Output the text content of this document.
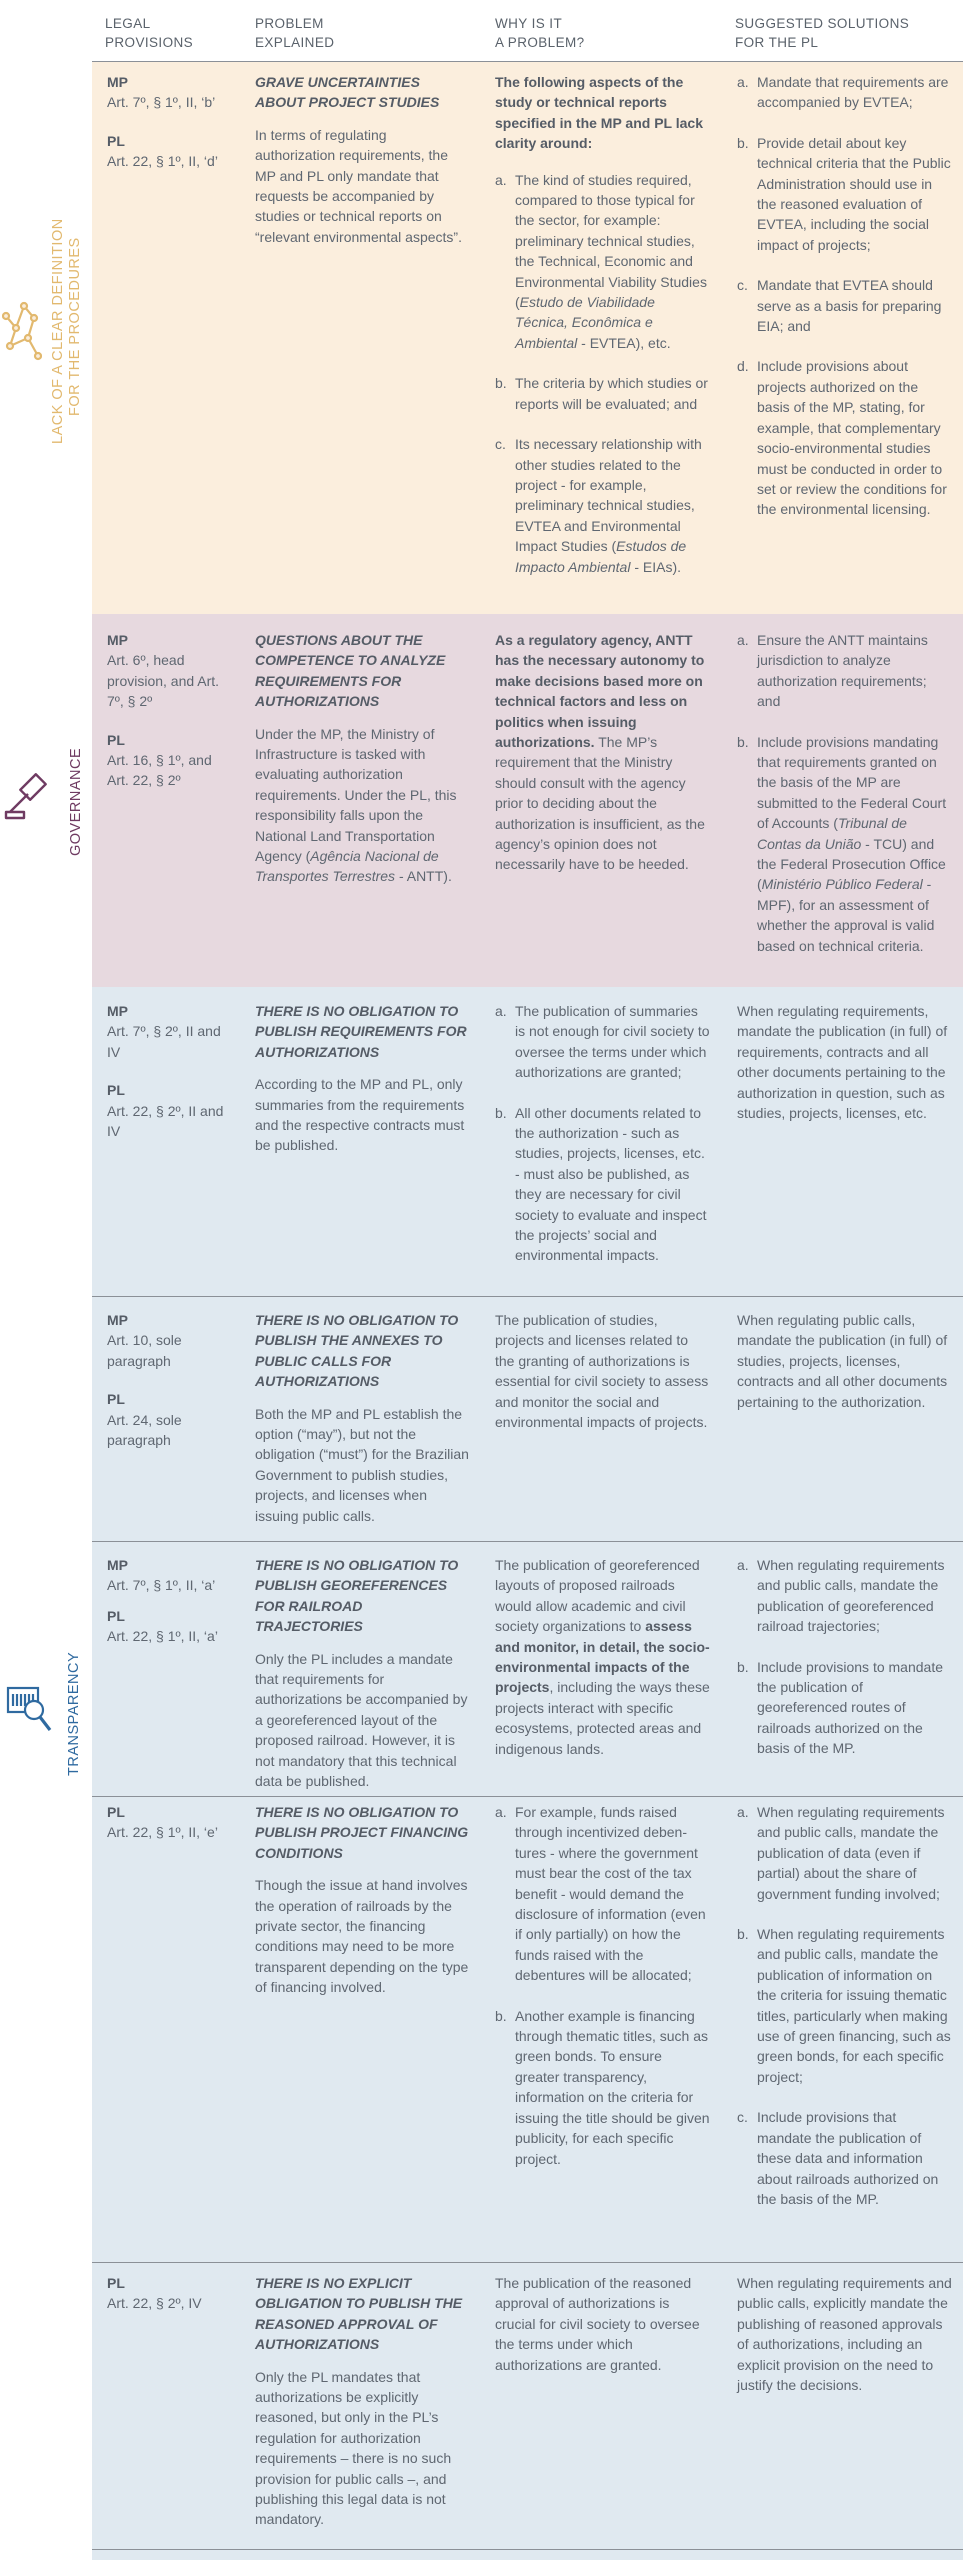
LEGAL
PROVISIONS
PROBLEM
EXPLAINED
WHY IS IT
A PROBLEM?
SUGGESTED SOLUTIONS
FOR THE PL
LACK OF A CLEAR DEFINITION FOR THE PROCEDURES
GOVERNANCE
TRANSPARENCY
MP
Art. 7º, § 1º, II, ‘b’
PL
Art. 22, § 1º, II, ‘d’
GRAVE UNCERTAINTIES ABOUT PROJECT STUDIES
In terms of regulating authorization requirements, the MP and PL only mandate that requests be accompanied by studies or technical reports on “relevant environmental aspects”.
The following aspects of the study or technical reports specified in the MP and PL lack clarity around:
a. The kind of studies required, compared to those typical for the sector, for example: preliminary technical studies, the Technical, Economic and Environmental Viability Studies (Estudo de Viabilidade Técnica, Econômica e Ambiental - EVTEA), etc.
b. The criteria by which studies or reports will be evaluated; and
c. Its necessary relationship with other studies related to the project - for example, preliminary technical studies, EVTEA and Environmental Impact Studies (Estudos de Impacto Ambiental - EIAs).
a. Mandate that requirements are accompanied by EVTEA;
b. Provide detail about key technical criteria that the Public Administration should use in the reasoned evaluation of EVTEA, including the social impact of projects;
c. Mandate that EVTEA should serve as a basis for preparing EIA; and
d. Include provisions about projects authorized on the basis of the MP, stating, for example, that complementary socio-environmental studies must be conducted in order to set or review the conditions for the environmental licensing.
MP
Art. 6º, head provision, and Art. 7º, § 2º
PL
Art. 16, § 1º, and Art. 22, § 2º
QUESTIONS ABOUT THE COMPETENCE TO ANALYZE REQUIREMENTS FOR AUTHORIZATIONS
Under the MP, the Ministry of Infrastructure is tasked with evaluating authorization requirements. Under the PL, this responsibility falls upon the National Land Transportation Agency (Agência Nacional de Transportes Terrestres - ANTT).
As a regulatory agency, ANTT has the necessary autonomy to make decisions based more on technical factors and less on politics when issuing authorizations. The MP’s requirement that the Ministry should consult with the agency prior to deciding about the authorization is insufficient, as the agency’s opinion does not necessarily have to be heeded.
a. Ensure the ANTT maintains jurisdiction to analyze authorization requirements; and
b. Include provisions mandating that requirements granted on the basis of the MP are submitted to the Federal Court of Accounts (Tribunal de Contas da União - TCU) and the Federal Prosecution Office (Ministério Público Federal - MPF), for an assessment of whether the approval is valid based on technical criteria.
MP
Art. 7º, § 2º, II and IV
PL
Art. 22, § 2º, II and IV
THERE IS NO OBLIGATION TO PUBLISH REQUIREMENTS FOR AUTHORIZATIONS
According to the MP and PL, only summaries from the requirements and the respective contracts must be published.
a. The publication of summaries is not enough for civil society to oversee the terms under which authorizations are granted;
b. All other documents related to the authorization - such as studies, projects, licenses, etc. - must also be published, as they are necessary for civil society to evaluate and inspect the projects’ social and environmental impacts.
When regulating requirements, mandate the publication (in full) of requirements, contracts and all other documents pertaining to the authorization in question, such as studies, projects, licenses, etc.
MP
Art. 10, sole paragraph
PL
Art. 24, sole paragraph
THERE IS NO OBLIGATION TO PUBLISH THE ANNEXES TO PUBLIC CALLS FOR AUTHORIZATIONS
Both the MP and PL establish the option (“may”), but not the obligation (“must”) for the Brazilian Government to publish studies, projects, and licenses when issuing public calls.
The publication of studies, projects and licenses related to the granting of authorizations is essential for civil society to assess and monitor the social and environmental impacts of projects.
When regulating public calls, mandate the publication (in full) of studies, projects, licenses, contracts and all other documents pertaining to the authorization.
MP
Art. 7º, § 1º, II, ‘a’
PL
Art. 22, § 1º, II, ‘a’
THERE IS NO OBLIGATION TO PUBLISH GEOREFERENCES FOR RAILROAD TRAJECTORIES
Only the PL includes a mandate that requirements for authorizations be accompanied by a georeferenced layout of the proposed railroad. However, it is not mandatory that this technical data be published.
The publication of georeferenced layouts of proposed railroads would allow academic and civil society organizations to assess and monitor, in detail, the socio-environmental impacts of the projects, including the ways these projects interact with specific ecosystems, protected areas and indigenous lands.
a. When regulating requirements and public calls, mandate the publication of georeferenced railroad trajectories;
b. Include provisions to mandate the publication of georeferenced routes of railroads authorized on the basis of the MP.
PL
Art. 22, § 1º, II, ‘e’
THERE IS NO OBLIGATION TO PUBLISH PROJECT FINANCING CONDITIONS
Though the issue at hand involves the operation of railroads by the private sector, the financing conditions may need to be more transparent depending on the type of financing involved.
a. For example, funds raised through incentivized deben- tures - where the government must bear the cost of the tax benefit - would demand the disclosure of information (even if only partially) on how the funds raised with the debentures will be allocated;
b. Another example is financing through thematic titles, such as green bonds. To ensure greater transparency, information on the criteria for issuing the title should be given publicity, for each specific project.
a. When regulating requirements and public calls, mandate the publication of data (even if partial) about the share of government funding involved;
b. When regulating requirements and public calls, mandate the publication of information on the criteria for issuing thematic titles, particularly when making use of green financing, such as green bonds, for each specific project;
c. Include provisions that mandate the publication of these data and information about railroads authorized on the basis of the MP.
PL
Art. 22, § 2º, IV
THERE IS NO EXPLICIT OBLIGATION TO PUBLISH THE REASONED APPROVAL OF AUTHORIZATIONS
Only the PL mandates that authorizations be explicitly reasoned, but only in the PL’s regulation for authorization requirements – there is no such provision for public calls –, and publishing this legal data is not mandatory.
The publication of the reasoned approval of authorizations is crucial for civil society to oversee the terms under which authorizations are granted.
When regulating requirements and public calls, explicitly mandate the publishing of reasoned approvals of authorizations, including an explicit provision on the need to justify the decisions.
